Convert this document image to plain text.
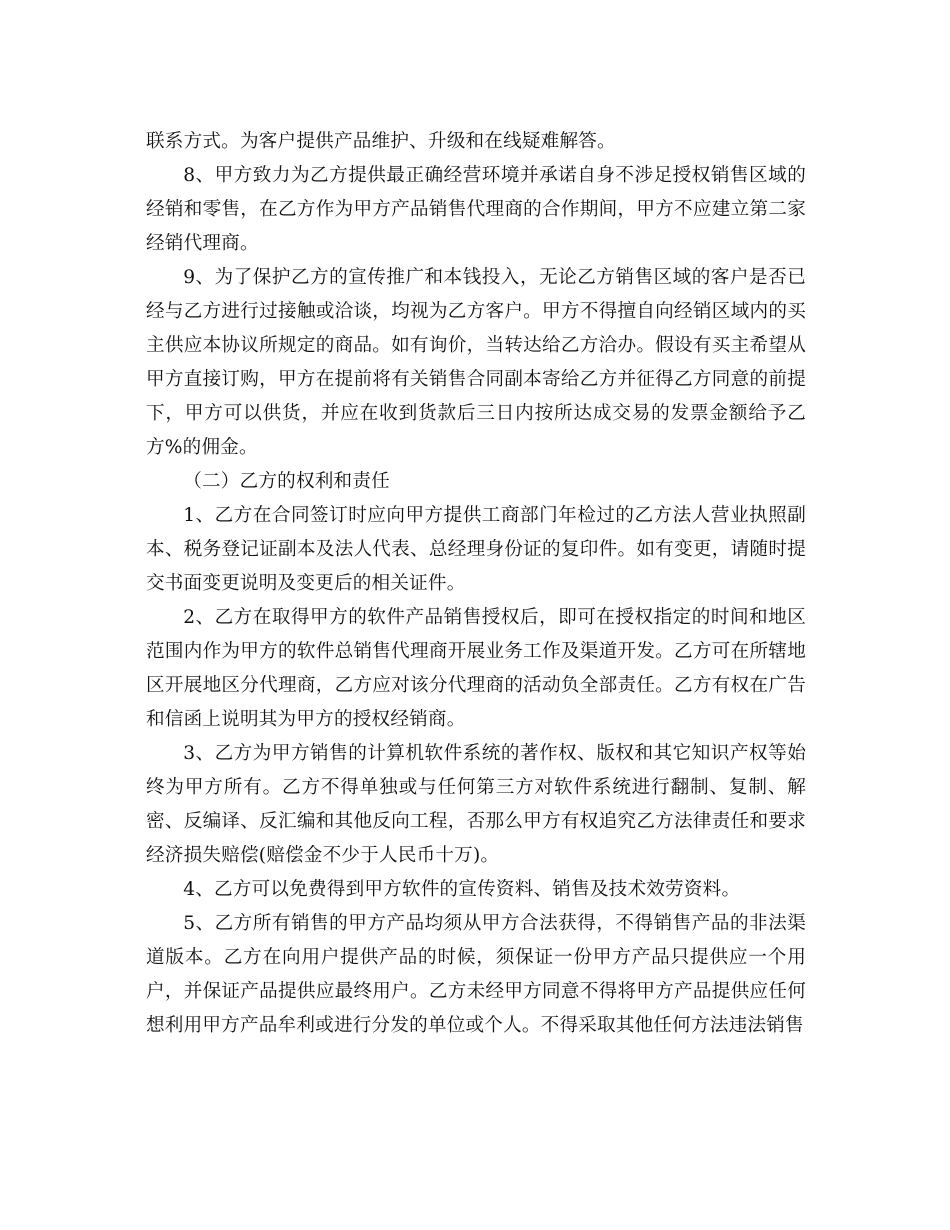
联系方式。为客户提供产品维护、升级和在线疑难解答。

8、甲方致力为乙方提供最正确经营环境并承诺自身不涉足授权销售区域的经销和零售，在乙方作为甲方产品销售代理商的合作期间，甲方不应建立第二家经销代理商。

9、为了保护乙方的宣传推广和本钱投入，无论乙方销售区域的客户是否已经与乙方进行过接触或洽谈，均视为乙方客户。甲方不得擅自向经销区域内的买主供应本协议所规定的商品。如有询价，当转达给乙方洽办。假设有买主希望从甲方直接订购，甲方在提前将有关销售合同副本寄给乙方并征得乙方同意的前提下，甲方可以供货，并应在收到货款后三日内按所达成交易的发票金额给予乙方%的佣金。

（二）乙方的权利和责任

1、乙方在合同签订时应向甲方提供工商部门年检过的乙方法人营业执照副本、税务登记证副本及法人代表、总经理身份证的复印件。如有变更，请随时提交书面变更说明及变更后的相关证件。

2、乙方在取得甲方的软件产品销售授权后，即可在授权指定的时间和地区范围内作为甲方的软件总销售代理商开展业务工作及渠道开发。乙方可在所辖地区开展地区分代理商，乙方应对该分代理商的活动负全部责任。乙方有权在广告和信函上说明其为甲方的授权经销商。

3、乙方为甲方销售的计算机软件系统的著作权、版权和其它知识产权等始终为甲方所有。乙方不得单独或与任何第三方对软件系统进行翻制、复制、解密、反编译、反汇编和其他反向工程，否那么甲方有权追究乙方法律责任和要求经济损失赔偿(赔偿金不少于人民币十万)。

4、乙方可以免费得到甲方软件的宣传资料、销售及技术效劳资料。

5、乙方所有销售的甲方产品均须从甲方合法获得，不得销售产品的非法渠道版本。乙方在向用户提供产品的时候，须保证一份甲方产品只提供应一个用户，并保证产品提供应最终用户。乙方未经甲方同意不得将甲方产品提供应任何想利用甲方产品牟利或进行分发的单位或个人。不得采取其他任何方法违法销售
